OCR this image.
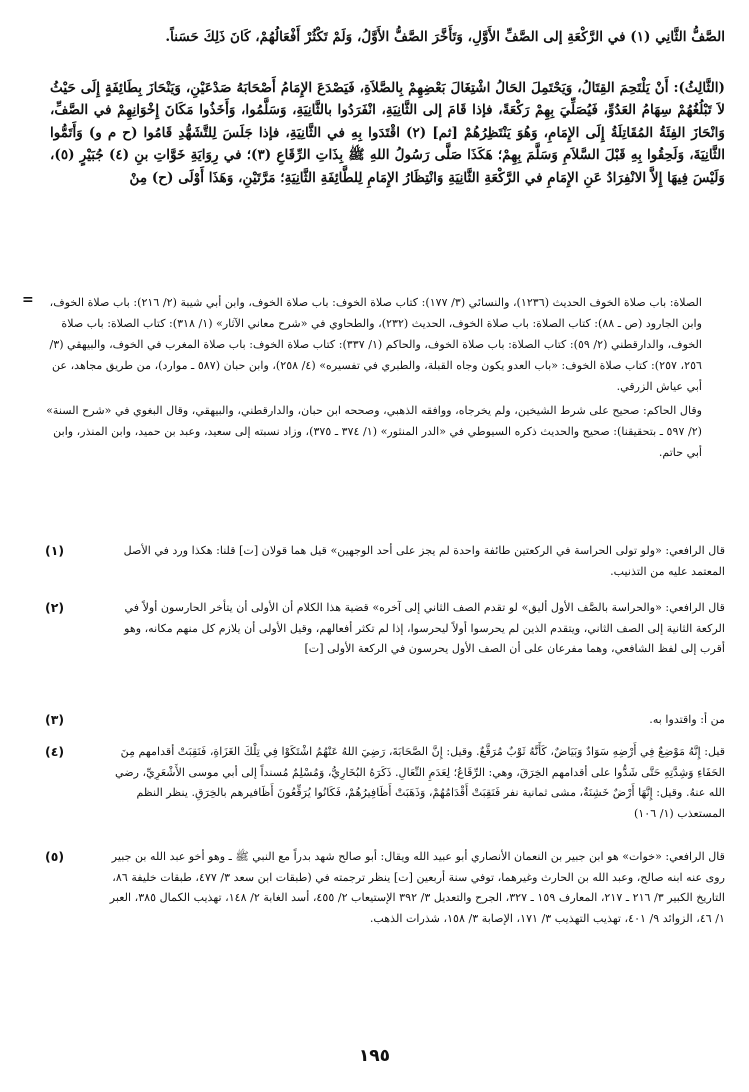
الصَّفُّ الثَّانِي (١) في الرَّكْعَةِ إلى الصَّفِّ الأَوَّلِ، وَتَأَخَّرَ الصَّفُّ الأَوَّلُ، وَلَمْ تَكْثُرْ أَفْعَالُهُمْ، كَانَ ذَلِكَ حَسَناً.

(الثَّالِثُ): أَنْ يَلْتَحِمَ القِتَالُ، وَيَحْتَمِلَ الحَالُ اشْتِغَالَ بَعْضِهِمْ بِالصَّلاَةِ، فَيَصْدَعَ الإِمَامُ أَصْحَابَهُ صَدْعَيْنِ، وَيَنْحَازَ بِطَائِفَةٍ إِلَى حَيْثُ لاَ تَبْلُغُهُمْ سِهَامُ العَدُوِّ، فَيُصَلِّيَ بِهِمْ رَكْعَةً، فإذا قَامَ إلى الثَّانِيَةِ، انْفَرَدُوا بالثَّانِيَةِ، وَسَلَّمُوا، وَأَخَذُوا مَكَانَ إِخْوَانِهِمْ في الصَّفِّ، وَانْحَازَ الفِئَةُ المُقَاتِلَةُ إِلَى الإِمَامِ، وَهُوَ يَنْتَظِرُهُمْ [ثم] (٢) اقْتَدَوا بِهِ في الثَّانِيَةِ، فإذا جَلَسَ لِلتَّشَهُّدِ قَامُوا (ح م و) وَأَتَمُّوا الثَّانِيَةَ، وَلَحِقُوا بِهِ قَبْلَ السَّلاَمِ وَسَلَّمَ بِهِمْ؛ هَكَذَا صَلَّى رَسُولُ اللهِ ﷺ بِذَاتِ الرِّقَاعِ (٣)؛ في رِوَايَةِ خَوَّاتِ بنِ (٤) جُبَيْرٍ (٥)، وَلَيْسَ فِيهَا إِلاَّ الانْفِرَادُ عَنِ الإِمَامِ في الرَّكْعَةِ الثَّانِيَةِ وَانْتِظَارُ الإِمَامِ لِلطَّائِفَةِ الثَّانِيَةِ؛ مَرَّتَيْنِ، وَهَذَا أَوْلَى (ح) مِنْ

=	الصلاة: باب صلاة الخوف الحديث (١٢٣٦)، والنسائي (٣/ ١٧٧): كتاب صلاة الخوف: باب صلاة الخوف، وابن أبي شيبة (٢/ ٢١٦): باب صلاة الخوف، وابن الجارود (ص ـ ٨٨): كتاب الصلاة: باب صلاة الخوف، الحديث (٢٣٢)، والطحاوي في «شرح معاني الآثار» (١/ ٣١٨): كتاب الصلاة: باب صلاة الخوف، والدارقطني (٢/ ٥٩): كتاب الصلاة: باب صلاة الخوف، والحاكم (١/ ٣٣٧): كتاب صلاة الخوف: باب صلاة المغرب في الخوف، والبيهقي (٣/ ٢٥٦، ٢٥٧): كتاب صلاة الخوف: «باب العدو يكون وجاه القبلة، والطبري في تفسيره» (٤/ ٢٥٨)، وابن حبان (٥٨٧ ـ موارد)، من طريق مجاهد، عن أبي عياش الزرقي.

وقال الحاكم: صحيح على شرط الشيخين، ولم يخرجاه، ووافقه الذهبي، وصححه ابن حبان، والدارقطني، والبيهقي، وقال البغوي في «شرح السنة» (٢/ ٥٩٧ ـ بتحقيقنا): صحيح والحديث ذكره السيوطي في «الدر المنثور» (١/ ٣٧٤ ـ ٣٧٥)، وزاد نسبته إلى سعيد، وعبد بن حميد، وابن المنذر، وابن أبي حاتم.

(١)	قال الرافعي: «ولو تولى الحراسة في الركعتين طائفة واحدة لم يجز على أحد الوجهين» قيل هما قولان [ت] قلنا: هكذا ورد في الأصل المعتمد عليه من التذنيب.

(٢)	قال الرافعي: «والحراسة بالصَّف الأول أليق» لو تقدم الصف الثاني إلى آخره» قضية هذا الكلام أن الأولى أن يتأخر الحارسون أولاً في الركعة الثانية إلى الصف الثاني، ويتقدم الذين لم يحرسوا أولاً ليحرسوا، إذا لم تكثر أفعالهم، وقيل الأولى أن يلازم كل منهم مكانه، وهو أقرب إلى لفظ الشافعي، وهما مفرعان على أن الصف الأول يحرسون في الركعة الأولى [ت]

(٣)	من أ: واقتدوا به.

(٤)	قيل: إِنَّهُ مَوْضِعٌ فِي أَرْضِهِ سَوَادٌ وَبَيَاضٌ، كَأَنَّهُ ثَوْبٌ مُرَقَّعٌ. وقيل: إِنَّ الصَّحَابَةَ، رَضِيَ اللهُ عَنْهُمُ اشْتَكَوْا فِي تِلْكَ الغَزَاةِ، فَنَقِبَتْ أقدامهم مِنَ الحَفَاءِ وَشِدَّتِهِ حَتَّى شَدُّوا على أقدامهم الخِرَقَ، وهي: الرِّقَاعُ؛ لِعَدَمِ النِّعَالِ. ذَكَرَهُ البُخَارِيُّ، وَمُسْلِمٌ مُسنداً إلى أبي موسى الأَشْعَرِيِّ، رضي الله عنهُ. وقيل: إِنَّهَا أَرْضٌ خَشِنَةٌ، مشى ثمانية نفر فَنَقِبَتْ أَقْدَامُهُمْ، وَذَهَبَتْ أَظَافِيرُهُمْ، فَكَانُوا يُرَقِّعُونَ أَظَافيرهم بالخِرَقِ. ينظر النظم المستعذب (١/ ١٠٦)

(٥)	قال الرافعي: «خوات» هو ابن جبير بن النعمان الأنصاري أبو عبيد الله ويقال: أبو صالح شهد بدراً مع النبي ﷺ ـ وهو أخو عبد الله بن جبير روى عنه ابنه صالح، وعبد الله بن الحارث وغيرهما، توفي سنة أربعين [ت] ينظر ترجمته في (طبقات ابن سعد ٣/ ٤٧٧، طبقات خليفة ٨٦، التاريخ الكبير ٣/ ٢١٦ ـ ٢١٧، المعارف ١٥٩ ـ ٣٢٧، الجرح والتعديل ٣/ ٣٩٢ الإستيعاب ٢/ ٤٥٥، أسد الغابة ٢/ ١٤٨، تهذيب الكمال ٣٨٥، العبر ١/ ٤٦، الزوائد ٩/ ٤٠١، تهذيب التهذيب ٣/ ١٧١، الإصابة ٣/ ١٥٨، شذرات الذهب.

١٩٥
